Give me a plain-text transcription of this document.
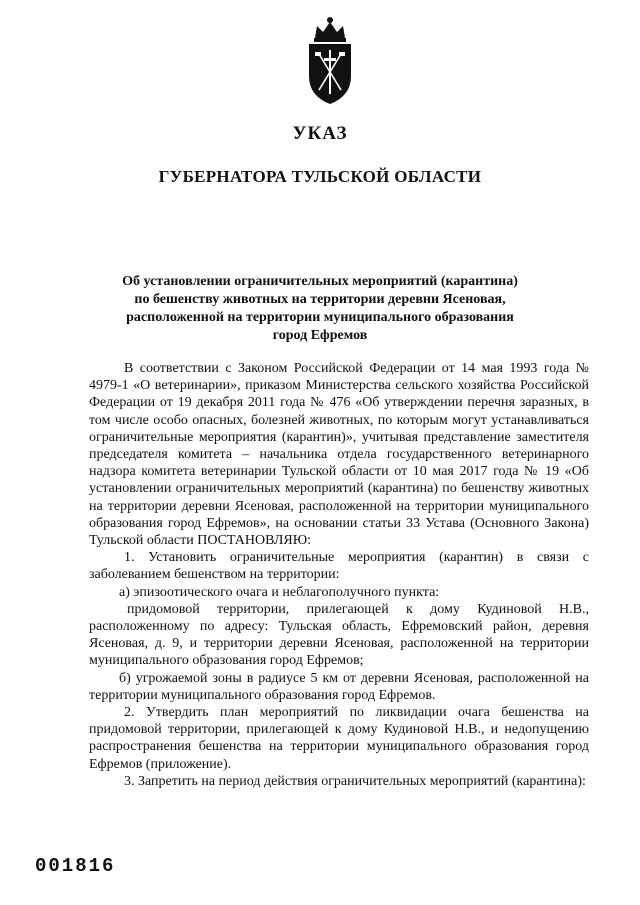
УКАЗ
ГУБЕРНАТОРА ТУЛЬСКОЙ ОБЛАСТИ
Об установлении ограничительных мероприятий (карантина)
по бешенству животных на территории деревни Ясеновая,
расположенной на территории муниципального образования
город Ефремов

В соответствии с Законом Российской Федерации от 14 мая 1993 года № 4979-1 «О ветеринарии», приказом Министерства сельского хозяйства Российской Федерации от 19 декабря 2011 года № 476 «Об утверждении перечня заразных, в том числе особо опасных, болезней животных, по которым могут устанавливаться ограничительные мероприятия (карантин)», учитывая представление заместителя председателя комитета – начальника отдела государственного ветеринарного надзора комитета ветеринарии Тульской области от 10 мая 2017 года № 19 «Об установлении ограничительных мероприятий (карантина) по бешенству животных на территории деревни Ясеновая, расположенной на территории муниципального образования город Ефремов», на основании статьи 33 Устава (Основного Закона) Тульской области ПОСТАНОВЛЯЮ:

1. Установить ограничительные мероприятия (карантин) в связи с заболеванием бешенством на территории:

а) эпизоотического очага и неблагополучного пункта:

придомовой территории, прилегающей к дому Кудиновой Н.В., расположенному по адресу: Тульская область, Ефремовский район, деревня Ясеновая, д. 9, и территории деревни Ясеновая, расположенной на территории муниципального образования город Ефремов;

б) угрожаемой зоны в радиусе 5 км от деревни Ясеновая, расположенной на территории муниципального образования город Ефремов.

2. Утвердить план мероприятий по ликвидации очага бешенства на придомовой территории, прилегающей к дому Кудиновой Н.В., и недопущению распространения бешенства на территории муниципального образования город Ефремов (приложение).

3. Запретить на период действия ограничительных мероприятий (карантина):

001816
